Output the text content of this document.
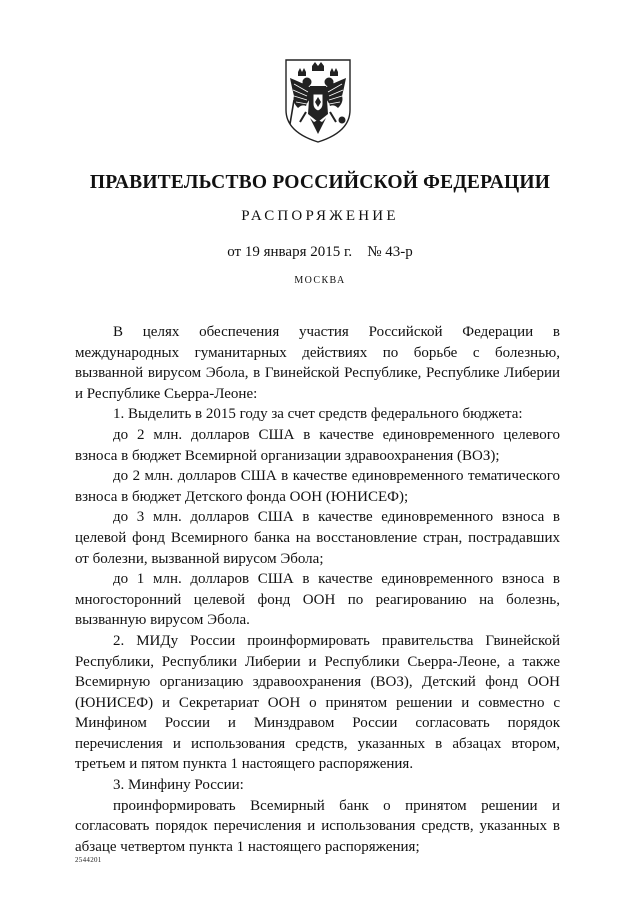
ПРАВИТЕЛЬСТВО РОССИЙСКОЙ ФЕДЕРАЦИИ
РАСПОРЯЖЕНИЕ
от 19 января 2015 г. № 43-р
МОСКВА

В целях обеспечения участия Российской Федерации в международных гуманитарных действиях по борьбе с болезнью, вызванной вирусом Эбола, в Гвинейской Республике, Республике Либерии и Республике Сьерра-Леоне:

1. Выделить в 2015 году за счет средств федерального бюджета:

до 2 млн. долларов США в качестве единовременного целевого взноса в бюджет Всемирной организации здравоохранения (ВОЗ);

до 2 млн. долларов США в качестве единовременного тематического взноса в бюджет Детского фонда ООН (ЮНИСЕФ);

до 3 млн. долларов США в качестве единовременного взноса в целевой фонд Всемирного банка на восстановление стран, пострадавших от болезни, вызванной вирусом Эбола;

до 1 млн. долларов США в качестве единовременного взноса в многосторонний целевой фонд ООН по реагированию на болезнь, вызванную вирусом Эбола.

2. МИДу России проинформировать правительства Гвинейской Республики, Республики Либерии и Республики Сьерра-Леоне, а также Всемирную организацию здравоохранения (ВОЗ), Детский фонд ООН (ЮНИСЕФ) и Секретариат ООН о принятом решении и совместно с Минфином России и Минздравом России согласовать порядок перечисления и использования средств, указанных в абзацах втором, третьем и пятом пункта 1 настоящего распоряжения.

3. Минфину России:

проинформировать Всемирный банк о принятом решении и согласовать порядок перечисления и использования средств, указанных в абзаце четвертом пункта 1 настоящего распоряжения;

2544201
